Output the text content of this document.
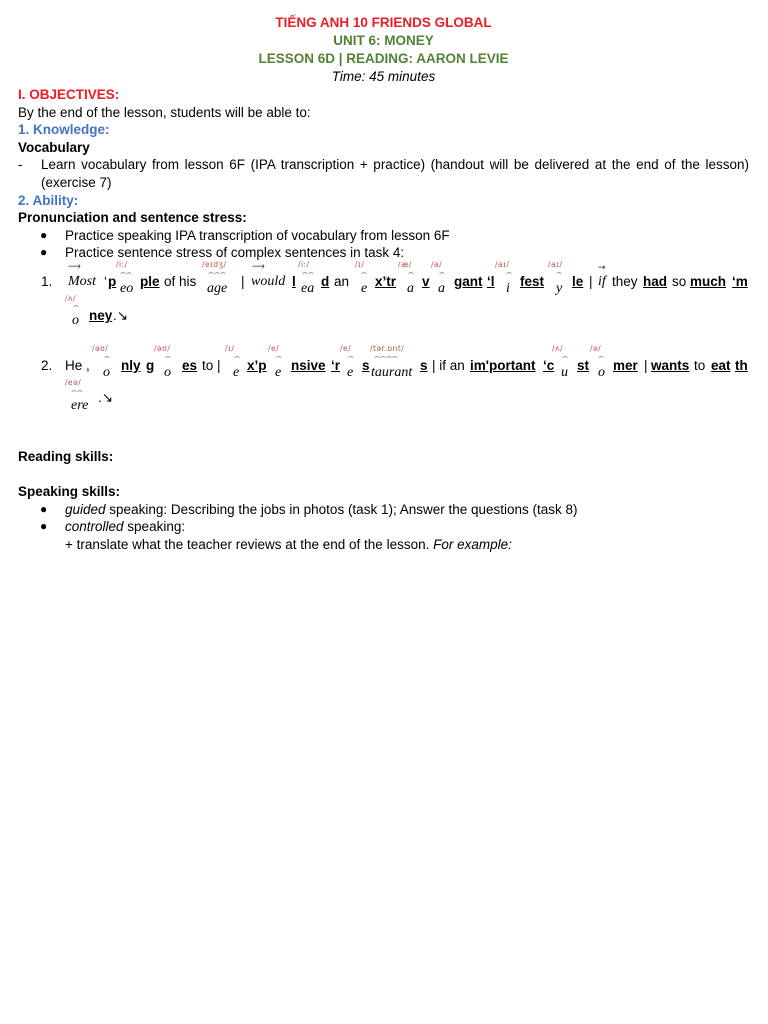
TIẾNG ANH 10 FRIENDS GLOBAL
UNIT 6: MONEY
LESSON 6D | READING: AARON LEVIE
Time: 45 minutes
I. OBJECTIVES:
By the end of the lesson, students will be able to:
1. Knowledge:
Vocabulary
- Learn vocabulary from lesson 6F (IPA transcription + practice) (handout will be delivered at the end of the lesson) (exercise 7)
2. Ability:
Pronunciation and sentence stress:
● Practice speaking IPA transcription of vocabulary from lesson 6F
● Practice sentence stress of complex sentences in task 4:
1.
⟶
Most ‘ p
/iː/
⌢⌢
eo ple of his
/eɪdʒ/
⌢⌢⌢
age |
⟶
would l
/iː/
⌢⌢
ea d an
/ɪ/
⌢
e x’tr
/æ/
⌢
a v
/ə/
⌢
a gant ‘l
/aɪ/
⌢
i fest
/aɪ/
⌢
y le |
→
if they had so much ‘m
/ʌ/
⌢
o ney .↘
2. He ,
/əʊ/
⌢
o nly g
/əʊ/
⌢
o es to |
/ɪ/
⌢
e x’p
/e/
⌢
e nsive ‘r
/e/
⌢
e s
/tər.ɒnt/
⌢⌢⌢⌢
taurant s | if an im'portant ‘c
/ʌ/
⌢
u st
/ə/
⌢
o mer | wants to eat th
/eə/
⌢⌢
ere
.↘
Reading skills:

Speaking skills:
● guided speaking: Describing the jobs in photos (task 1); Answer the questions (task 8)
● controlled speaking:
+ translate what the teacher reviews at the end of the lesson. For example:
